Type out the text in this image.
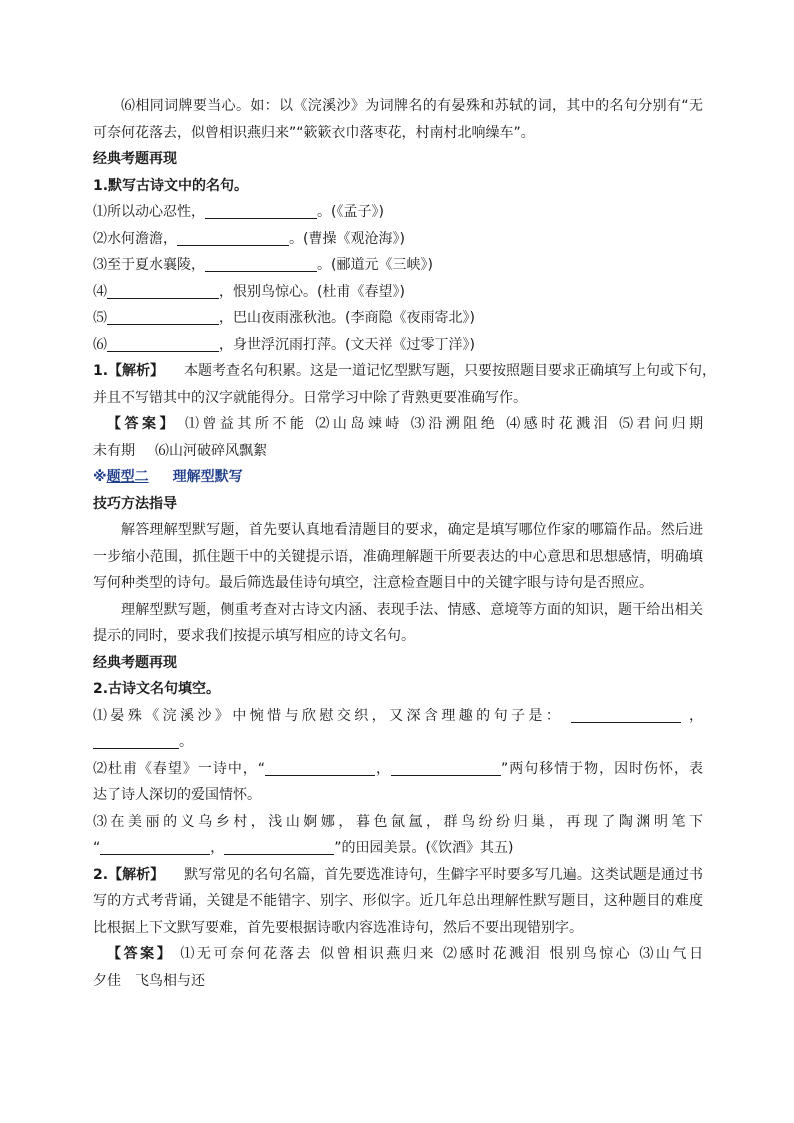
⑹相同词牌要当心。如：以《浣溪沙》为词牌名的有晏殊和苏轼的词，其中的名句分别有“无
可奈何花落去，似曾相识燕归来”“簌簌衣巾落枣花，村南村北响缲车”。
经典考题再现
1.默写古诗文中的名句。
⑴所以动心忍性，	。(《孟子》)
⑵水何澹澹，	。(曹操《观沧海》)
⑶至于夏水襄陵，	。(郦道元《三峡》)
⑷	，恨别鸟惊心。(杜甫《春望》)
⑸	，巴山夜雨涨秋池。(李商隐《夜雨寄北》)
⑹	，身世浮沉雨打萍。(文天祥《过零丁洋》)
1.【解析】 本题考查名句积累。这是一道记忆型默写题，只要按照题目要求正确填写上句或下句，
并且不写错其中的汉字就能得分。日常学习中除了背熟更要准确写作。
【答案】 ⑴曾益其所不能 ⑵山岛竦峙 ⑶沿溯阻绝 ⑷感时花溅泪 ⑸君问归期
未有期 ⑹山河破碎风飘絮
※题型二 理解型默写
技巧方法指导
解答理解型默写题，首先要认真地看清题目的要求，确定是填写哪位作家的哪篇作品。然后进
一步缩小范围，抓住题干中的关键提示语，准确理解题干所要表达的中心意思和思想感情，明确填
写何种类型的诗句。最后筛选最佳诗句填空，注意检查题目中的关键字眼与诗句是否照应。
理解型默写题，侧重考查对古诗文内涵、表现手法、情感、意境等方面的知识，题干给出相关
提示的同时，要求我们按提示填写相应的诗文名句。
经典考题再现
2.古诗文名句填空。
⑴晏殊《浣溪沙》中惋惜与欣慰交织，又深含理趣的句子是：	，
。
⑵杜甫《春望》一诗中，“	，	”两句移情于物，因时伤怀，表
达了诗人深切的爱国情怀。
⑶在美丽的义乌乡村，浅山婀娜，暮色氤氲，群鸟纷纷归巢，再现了陶渊明笔下
“	，	”的田园美景。(《饮酒》其五)
2.【解析】 默写常见的名句名篇，首先要选准诗句，生僻字平时要多写几遍。这类试题是通过书
写的方式考背诵，关键是不能错字、别字、形似字。近几年总出理解性默写题目，这种题目的难度
比根据上下文默写要难，首先要根据诗歌内容选准诗句，然后不要出现错别字。
【答案】 ⑴无可奈何花落去 似曾相识燕归来 ⑵感时花溅泪 恨别鸟惊心 ⑶山气日
夕佳　飞鸟相与还
